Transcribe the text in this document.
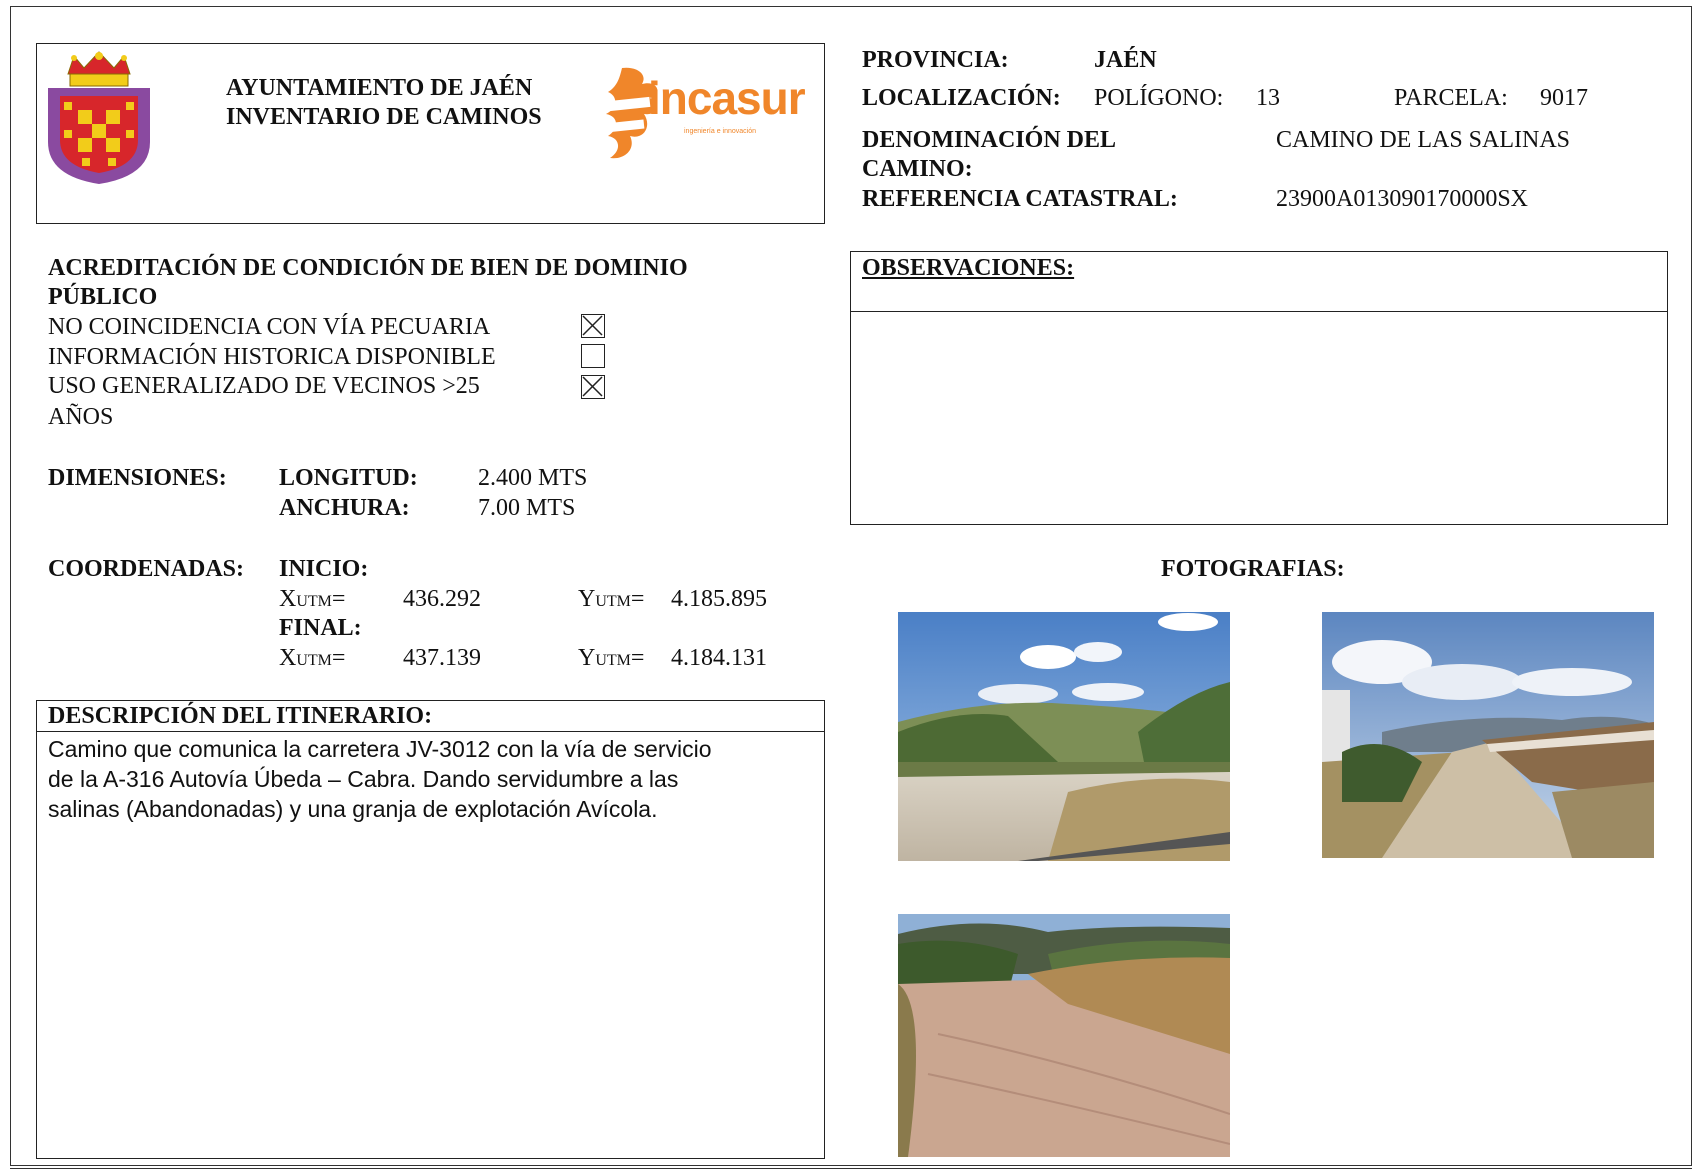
AYUNTAMIENTO DE JAÉN
INVENTARIO DE CAMINOS incasur
ingeniería e innovación
PROVINCIA:	JAÉN
LOCALIZACIÓN: POLÍGONO: 13	PARCELA: 9017
DENOMINACIÓN DEL
CAMINO:
CAMINO DE LAS SALINAS
REFERENCIA CATASTRAL:	23900A013090170000SX
ACREDITACIÓN DE CONDICIÓN DE BIEN DE DOMINIO
PÚBLICO
NO COINCIDENCIA CON VÍA PECUARIA
INFORMACIÓN HISTORICA DISPONIBLE
USO GENERALIZADO DE VECINOS >25
AÑOS
DIMENSIONES: LONGITUD:	2.400 MTS
ANCHURA:	7.00 MTS
COORDENADAS: INICIO:
XUTM= 436.292	YUTM= 4.185.895
FINAL:
XUTM= 437.139	YUTM= 4.184.131
DESCRIPCIÓN DEL ITINERARIO:
Camino que comunica la carretera JV-3012 con la vía de servicio
de la A-316 Autovía Úbeda – Cabra. Dando servidumbre a las
salinas (Abandonadas) y una granja de explotación Avícola.
OBSERVACIONES:
FOTOGRAFIAS:
